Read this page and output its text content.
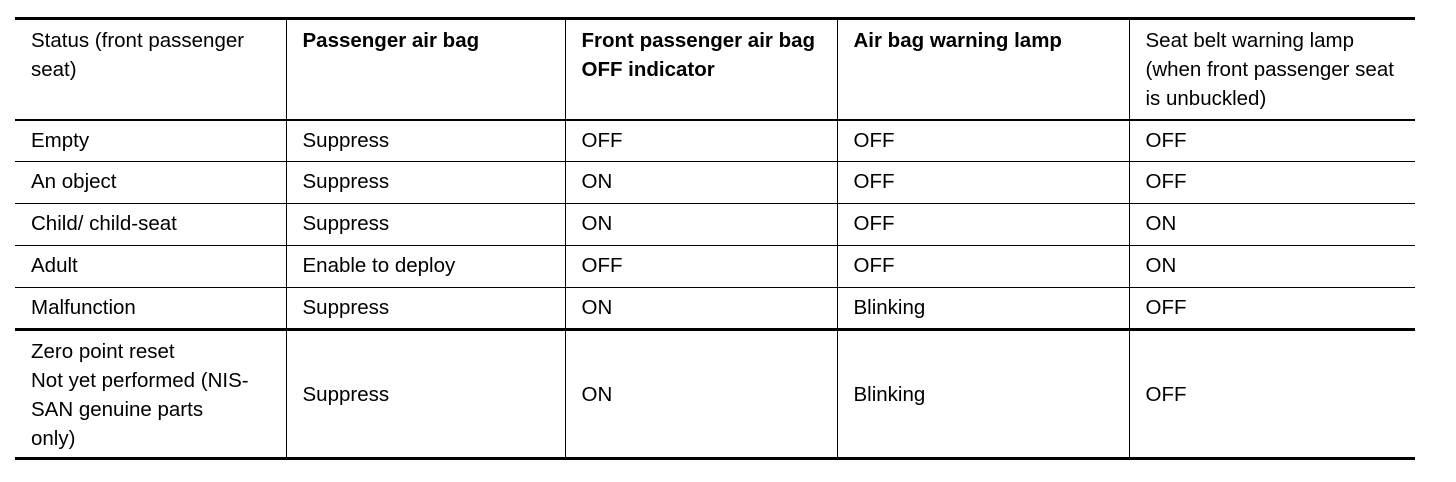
Status (front passenger seat)	Passenger air bag	Front passenger air bag OFF indicator	Air bag warning lamp	Seat belt warning lamp (when front passenger seat is unbuckled)
Empty	Suppress	OFF	OFF	OFF
An object	Suppress	ON	OFF	OFF
Child/ child-seat	Suppress	ON	OFF	ON
Adult	Enable to deploy	OFF	OFF	ON
Malfunction	Suppress	ON	Blinking	OFF
Zero point reset
Not yet performed (NIS-
SAN genuine parts
only)	Suppress	ON	Blinking	OFF
